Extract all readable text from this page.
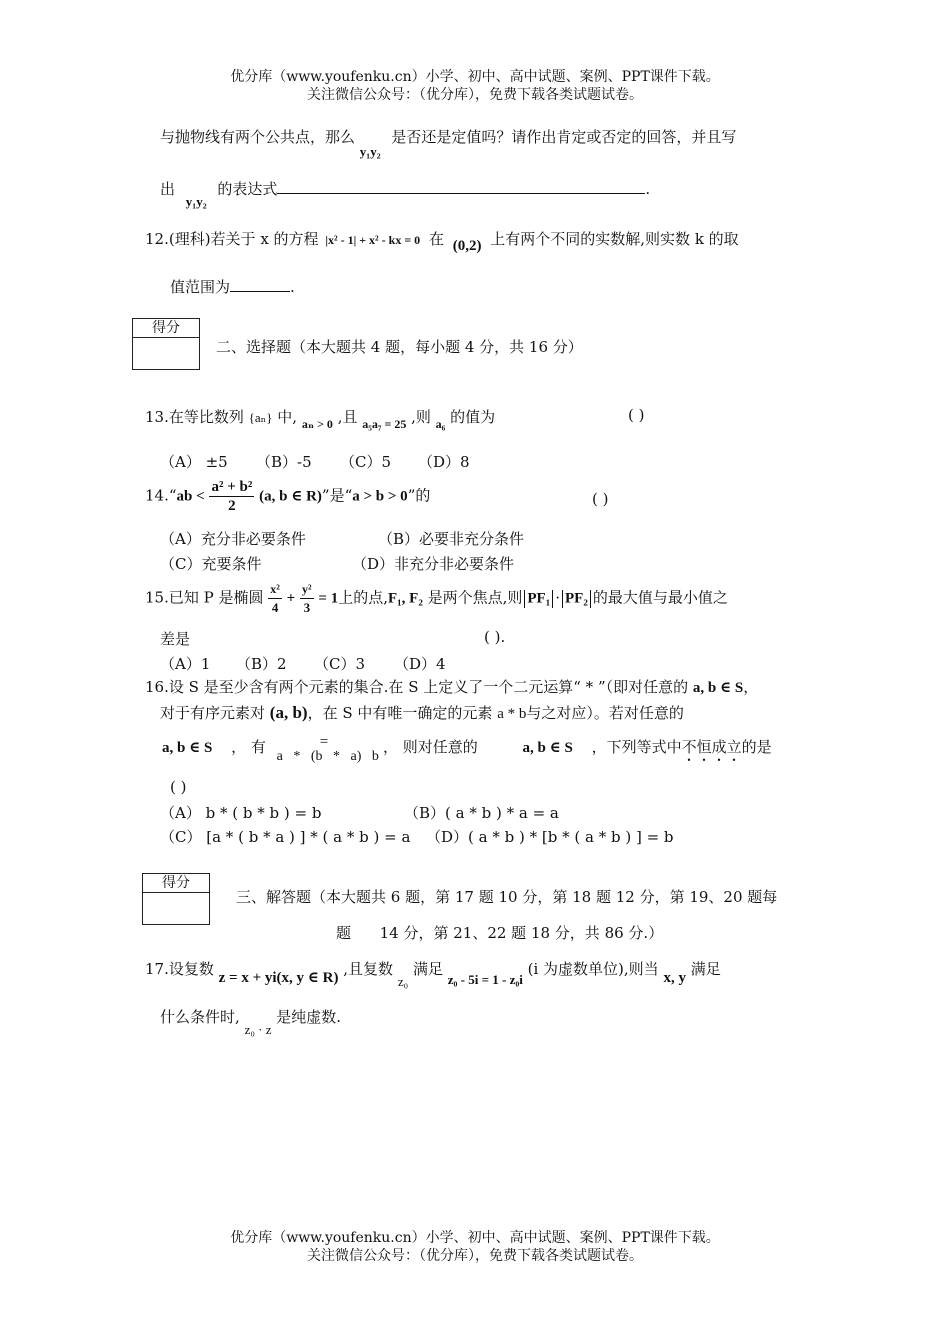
优分库（www.youfenku.cn）小学、初中、高中试题、案例、PPT课件下载。
关注微信公众号：（优分库），免费下载各类试题试卷。
与抛物线有两个公共点，那么 y₁y₂ 是否还是定值吗？请作出肯定或否定的回答，并且写
出 y₁y₂ 的表达式	.
12.(理科)若关于 x 的方程 |x² - 1| + x² - kx = 0 在 (0,2) 上有两个不同的实数解,则实数 k 的取
值范围为	.
得分
二、选择题（本大题共 4 题，每小题 4 分，共 16 分）
13.在等比数列 {aₙ} 中, $_{a_n > 0}$ ,且 $_{a_5a_7 = 25}$ ,则 $_{a_6}$ 的值为	( )
（A） ±5 （B）-5 （C）5 （D）8
14.“ab < $\frac{\text{a² + b²}}{2} (a$, b ∈ R)”是“a > b > 0”的	( )
（A）充分非必要条件	（B）必要非充分条件
（C）充要条件	（D）非充分非必要条件
15.已知 P 是椭圆 $\frac{\text{x²}}{4} + \frac{\text{y²}}{3} = 1$上的点,F₁, F₂ 是两个焦点,则 PF₁ · PF₂ 的最大值与最小值之
差是	( ).
（A）1 （B）2 （C）3 （D）4
16.设 S 是至少含有两个元素的集合.在 S 上定义了一个二元运算“ * ”（即对任意的 a, b ∈ S，
对于有序元素对 (a, b)，在 S 中有唯一确定的元素 a * b与之对应）。若对任意的
a, b ∈ S ， 有 a   *   (b   *   a)   b =	， 则对任意的	a, b ∈ S ，下列等式中不恒成立的是
( )
（A） b * ( b * b ) = b	（B）( a * b ) * a = a
（C） [a * ( b * a ) ] * ( a * b ) = a （D）( a * b ) * [b * ( a * b ) ] = b
得分
三、解答题（本大题共 6 题，第 17 题 10 分，第 18 题 12 分，第 19、20 题每
题      14 分，第 21、22 题 18 分，共 86 分.）
17.设复数 z = x + yi(x, y ∈ R) ,且复数 z₀ 满足 z₀ - 5i = 1 - z₀i (i 为虚数单位),则当 x, y 满足
什么条件时, z₀ · z 是纯虚数.
优分库（www.youfenku.cn）小学、初中、高中试题、案例、PPT课件下载。
关注微信公众号：（优分库），免费下载各类试题试卷。
